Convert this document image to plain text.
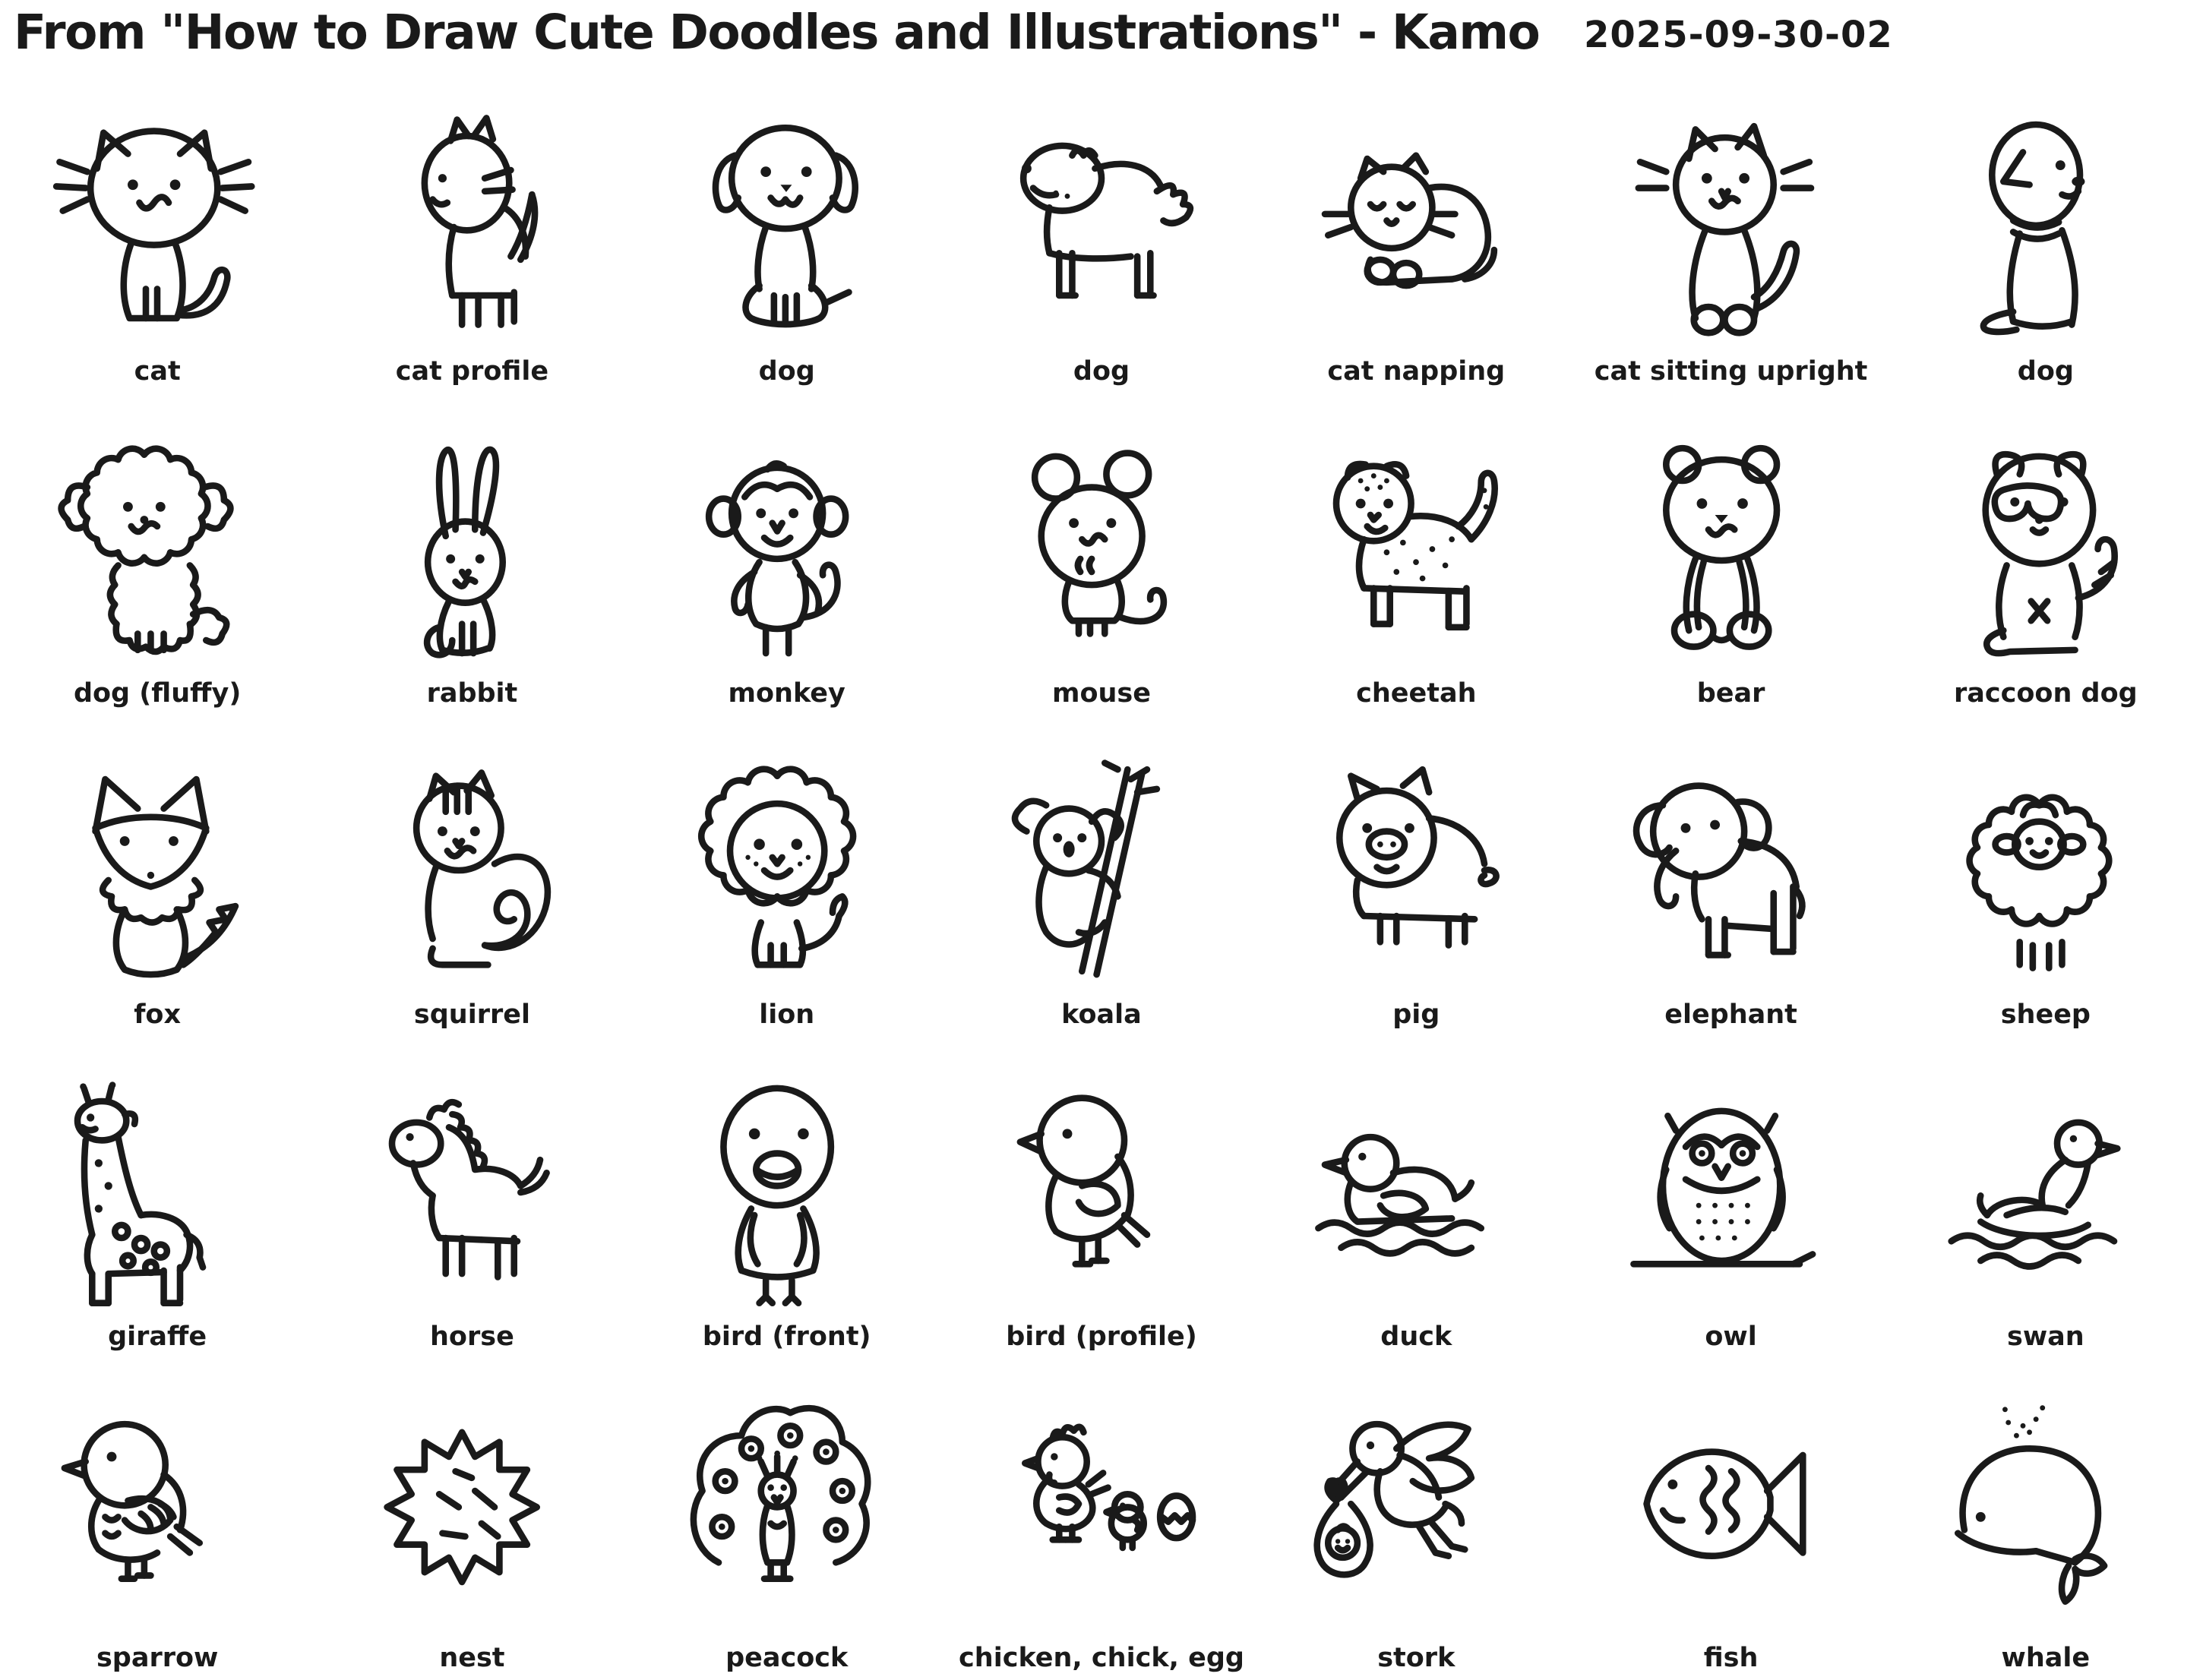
From "How to Draw Cute Doodles and Illustrations" - Kamo 2025-09-30-02
cat	cat profile	dog	dog	cat napping	cat sitting upright	dog
dog (fluffy)	rabbit	monkey	mouse	cheetah	bear	raccoon dog
fox	squirrel	lion	koala	pig	elephant	sheep
giraffe	horse	bird (front)	bird (profile)	duck	owl	swan
sparrow	nest	peacock	chicken, chick, egg	stork	fish	whale
